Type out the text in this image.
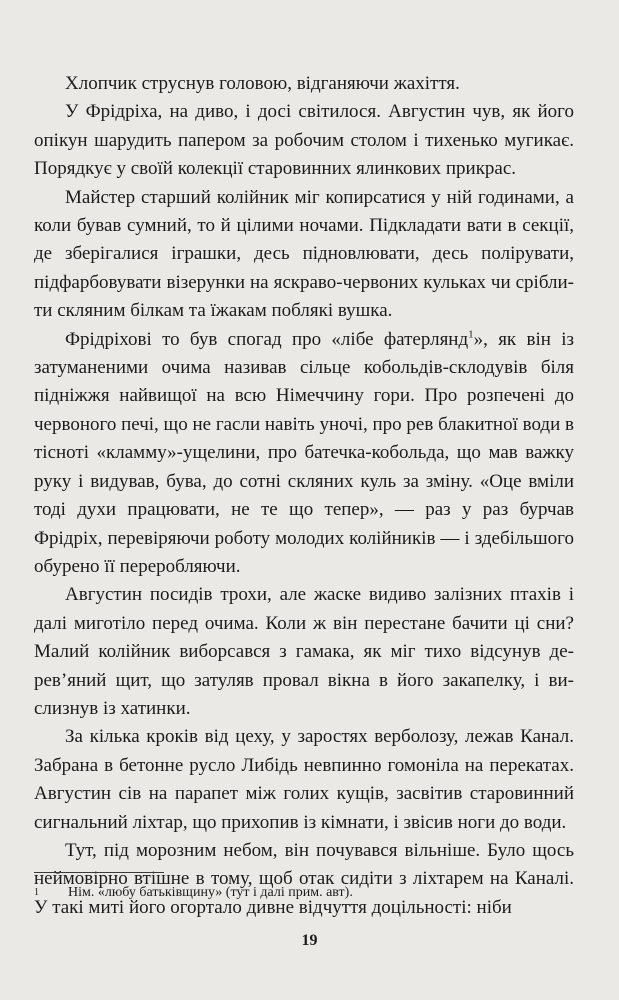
Хлопчик струснув головою, відганяючи жахіття.

У Фрідріха, на диво, і досі світилося. Августин чув, як його опікун шарудить папером за робочим столом і тихенько мугикає. Порядкує у своїй колекції старовинних ялинкових прикрас.

Майстер старший колійник міг копирсатися у ній годинами, а коли бував сумний, то й цілими ночами. Підкладати вати в секції, де зберігалися іграшки, десь підновлювати, десь полірувати, підфарбовувати візерунки на яскраво-червоних кульках чи сріблити скляним білкам та їжакам поблякі вушка.

Фрідріхові то був спогад про «лібе фатерлянд$^1$», як він із затуманеними очима називав сільце кобольдів-склодувів біля підніжжя найвищої на всю Німеччину гори. Про розпечені до червоного печі, що не гасли навіть уночі, про рев блакитної води в тісноті «кламму»-ущелини, про батечка-кобольда, що мав важку руку і видував, бува, до сотні скляних куль за зміну. «Оце вміли тоді духи працювати, не те що тепер», — раз у раз бурчав Фрідріх, перевіряючи роботу молодих колійників — і здебільшого обурено її переробляючи.

Августин посидів трохи, але жаске видиво залізних птахів і далі миготіло перед очима. Коли ж він перестане бачити ці сни? Малий колійник виборсався з гамака, як міг тихо відсунув дерев’яний щит, що затуляв провал вікна в його закапелку, і вислизнув із хатинки.

За кілька кроків від цеху, у заростях верболозу, лежав Канал. Забрана в бетонне русло Либідь невпинно гомоніла на перекатах. Августин сів на парапет між голих кущів, засвітив старовинний сигнальний ліхтар, що прихопив із кімнати, і звісив ноги до води.

Тут, під морозним небом, він почувався вільніше. Було щось неймовірно втішне в тому, щоб отак сидіти з ліхтарем на Каналі. У такі миті його огортало дивне відчуття доцільності: ніби

1 Нім. «любу батьківщину» (тут і далі прим. авт).
19
